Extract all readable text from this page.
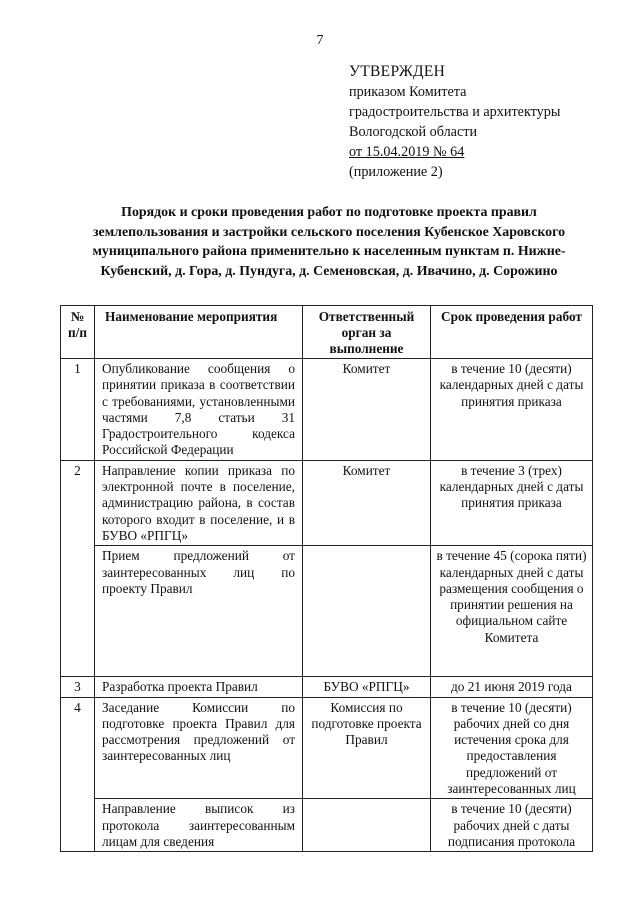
7
УТВЕРЖДЕН
приказом Комитета
градостроительства и архитектуры
Вологодской области
от 15.04.2019 № 64
(приложение 2)
Порядок и сроки проведения работ по подготовке проекта правил землепользования и застройки сельского поселения Кубенское Харовского муниципального района применительно к населенным пунктам п. Нижне-Кубенский, д. Гора, д. Пундуга, д. Семеновская, д. Ивачино, д. Сорожино
№ п/п	Наименование мероприятия	Ответственный орган за выполнение	Срок проведения работ
1	Опубликование сообщения о принятии приказа в соответствии с требованиями, установленными частями 7,8 статьи 31 Градостроительного кодекса Российской Федерации	Комитет	в течение 10 (десяти) календарных дней с даты принятия приказа
2	Направление копии приказа по электронной почте в поселение, администрацию района, в состав которого входит в поселение, и в БУВО «РПГЦ»	Комитет	в течение 3 (трех) календарных дней с даты принятия приказа
	Прием предложений от заинтересованных лиц по проекту Правил		в течение 45 (сорока пяти) календарных дней с даты размещения сообщения о принятии решения на официальном сайте Комитета
3	Разработка проекта Правил	БУВО «РПГЦ»	до 21 июня 2019 года
4	Заседание Комиссии по подготовке проекта Правил для рассмотрения предложений от заинтересованных лиц	Комиссия по подготовке проекта Правил	в течение 10 (десяти) рабочих дней со дня истечения срока для предоставления предложений от заинтересованных лиц
	Направление выписок из протокола заинтересованным лицам для сведения		в течение 10 (десяти) рабочих дней с даты подписания протокола
